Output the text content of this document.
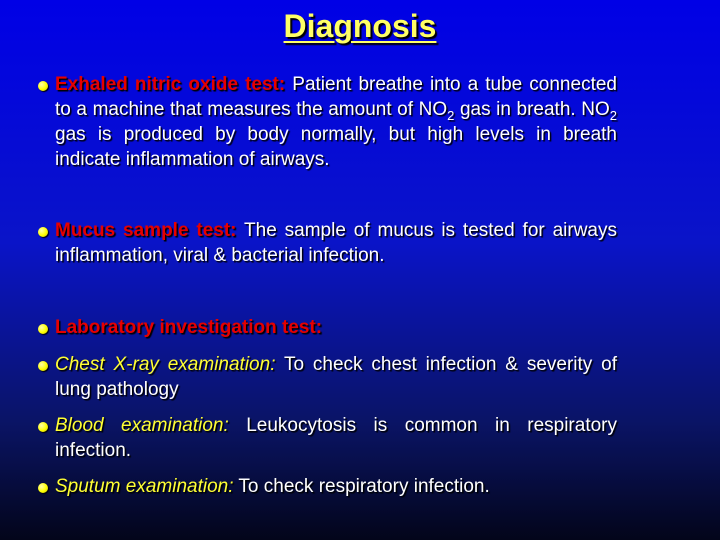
Diagnosis
Exhaled nitric oxide test: Patient breathe into a tube connected to a machine that measures the amount of $NO_2$ gas in breath. $NO_2$ gas is produced by body normally, but high levels in breath indicate inflammation of airways.
Mucus sample test: The sample of mucus is tested for airways inflammation, viral & bacterial infection.
Laboratory investigation test:
Chest X-ray examination: To check chest infection & severity of lung pathology
Blood examination: Leukocytosis is common in respiratory infection.
Sputum examination: To check respiratory infection.
